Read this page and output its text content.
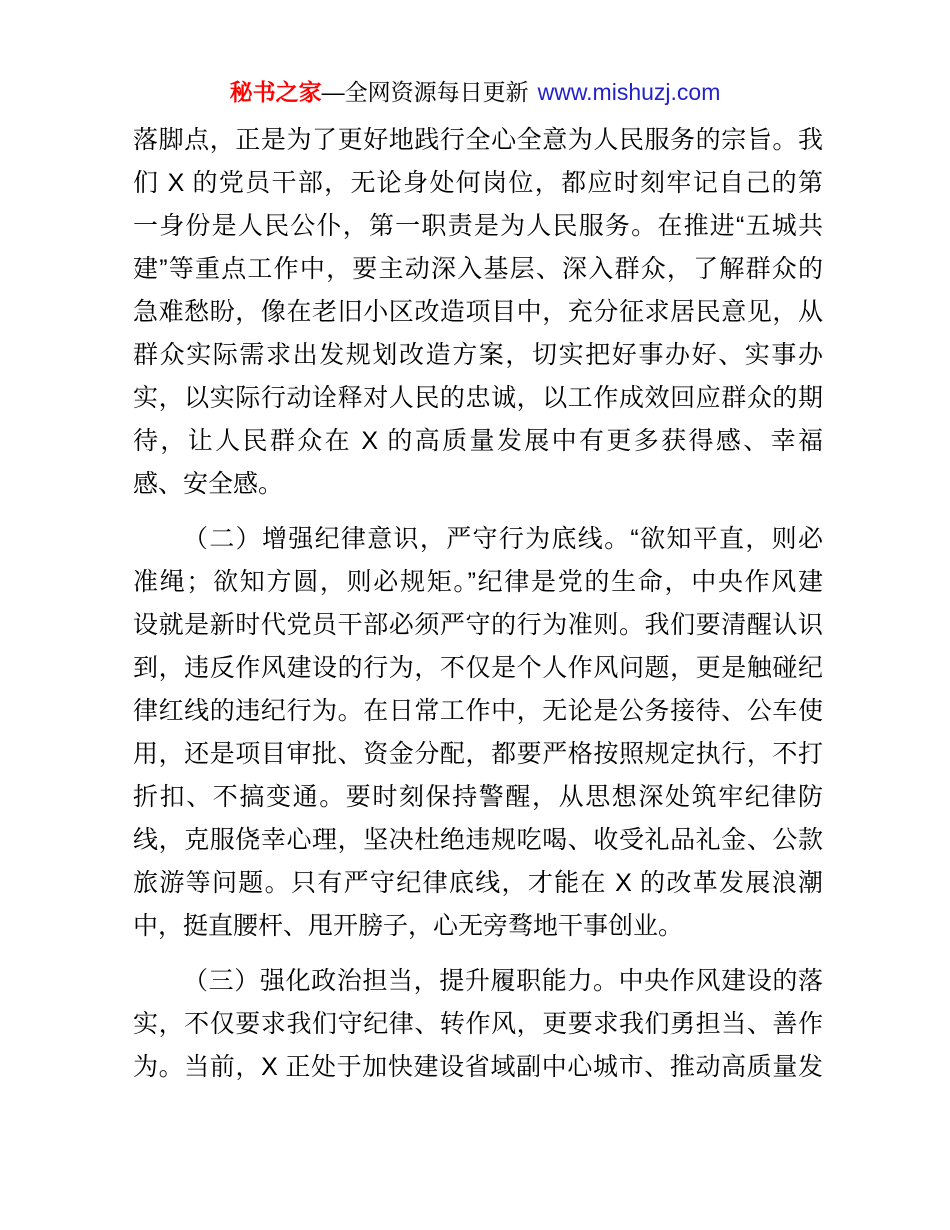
秘书之家—全网资源每日更新 www.mishuzj.com
落脚点，正是为了更好地践行全心全意为人民服务的宗旨。我
们 X 的党员干部，无论身处何岗位，都应时刻牢记自己的第
一身份是人民公仆，第一职责是为人民服务。在推进“五城共
建”等重点工作中，要主动深入基层、深入群众，了解群众的
急难愁盼，像在老旧小区改造项目中，充分征求居民意见，从
群众实际需求出发规划改造方案，切实把好事办好、实事办
实，以实际行动诠释对人民的忠诚，以工作成效回应群众的期
待，让人民群众在 X 的高质量发展中有更多获得感、幸福
感、安全感。
（二）增强纪律意识，严守行为底线。“欲知平直，则必
准绳；欲知方圆，则必规矩。”纪律是党的生命，中央作风建
设就是新时代党员干部必须严守的行为准则。我们要清醒认识
到，违反作风建设的行为，不仅是个人作风问题，更是触碰纪
律红线的违纪行为。在日常工作中，无论是公务接待、公车使
用，还是项目审批、资金分配，都要严格按照规定执行，不打
折扣、不搞变通。要时刻保持警醒，从思想深处筑牢纪律防
线，克服侥幸心理，坚决杜绝违规吃喝、收受礼品礼金、公款
旅游等问题。只有严守纪律底线，才能在 X 的改革发展浪潮
中，挺直腰杆、甩开膀子，心无旁骛地干事创业。
（三）强化政治担当，提升履职能力。中央作风建设的落
实，不仅要求我们守纪律、转作风，更要求我们勇担当、善作
为。当前，X 正处于加快建设省域副中心城市、推动高质量发
